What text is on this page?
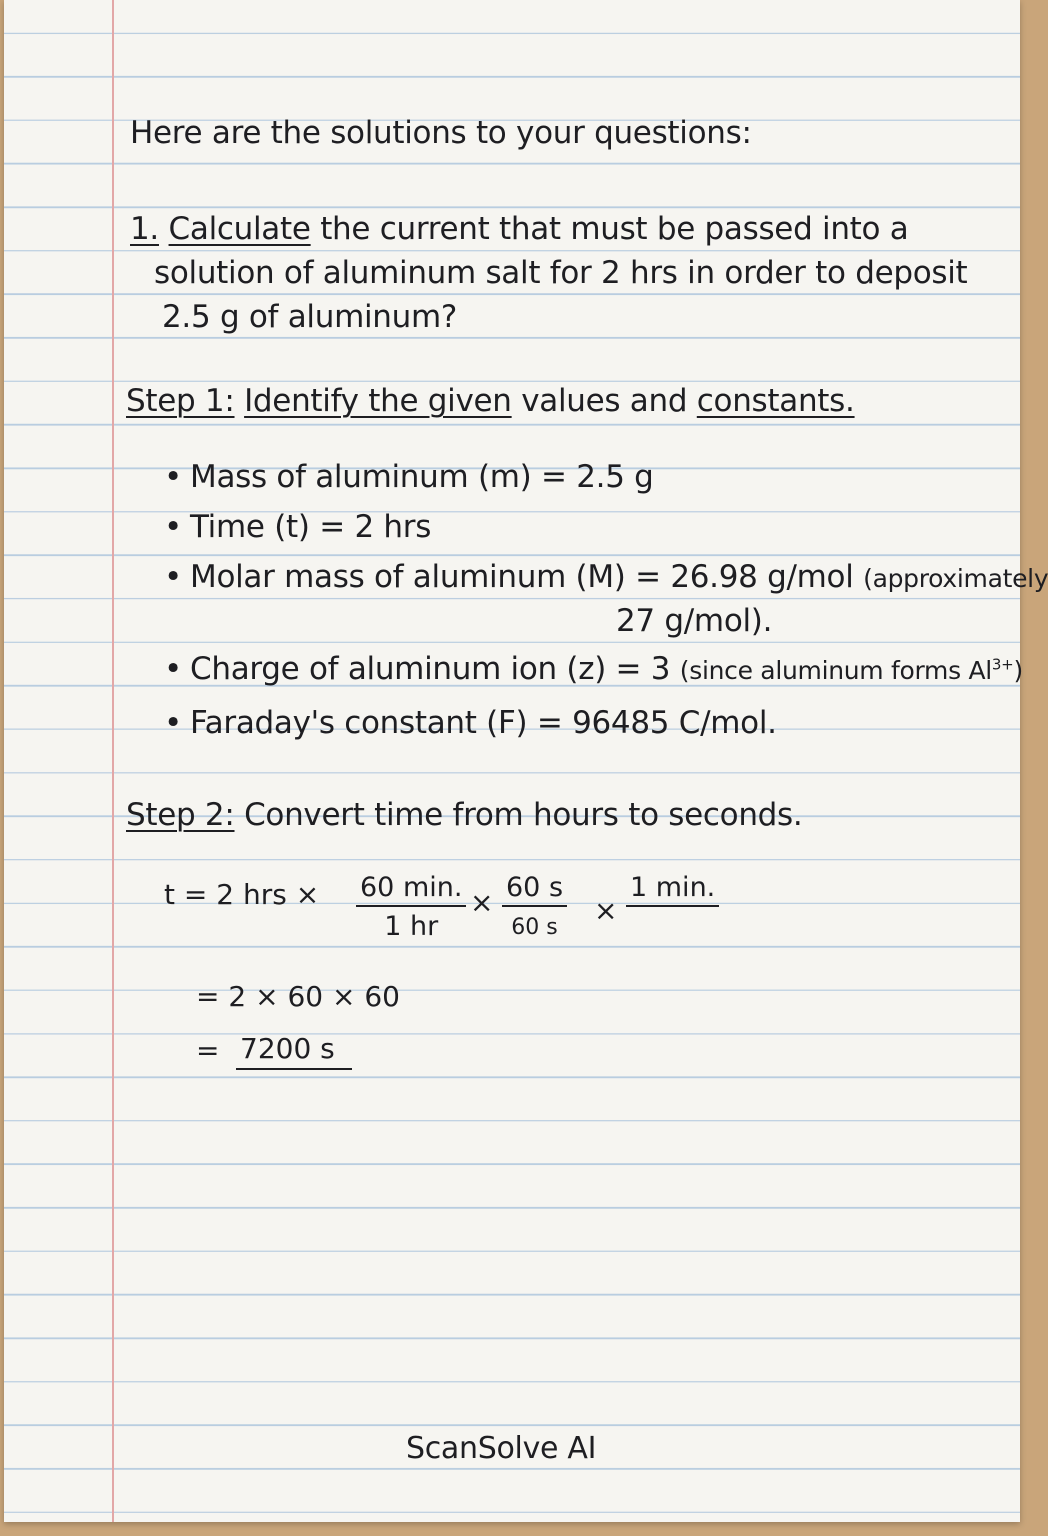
Here are the solutions to your questions:
1. Calculate the current that must be passed into a
solution of aluminum salt for 2 hrs in order to deposit
2.5 g of aluminum?
Step 1: Identify the given values and constants.
• Mass of aluminum (m) = 2.5 g
• Time (t) = 2 hrs
• Molar mass of aluminum (M) = 26.98 g/mol (approximately
27 g/mol).
• Charge of aluminum ion (z) = 3 (since aluminum forms $Al^{3+}$)
• Faraday's constant (F) = 96485 C/mol.
Step 2: Convert time from hours to seconds.
t = 2 hrs × 60 min.
1 hr
× 60 s
60 s
×
1 min.
= 2 × 60 × 60
= 7200 s
ScanSolve AI
